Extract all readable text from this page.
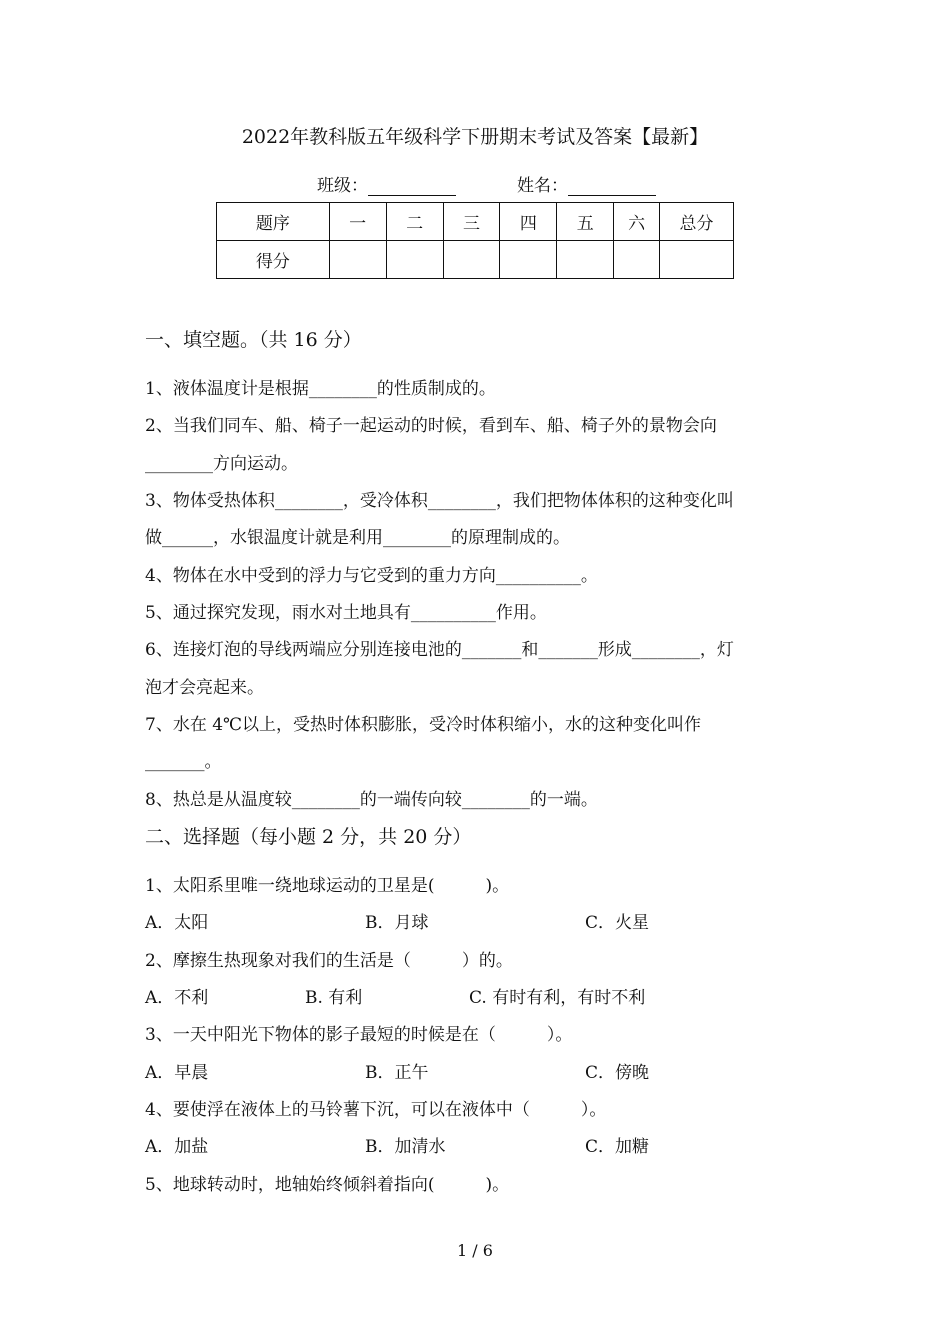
2022年教科版五年级科学下册期末考试及答案【最新】
班级：	姓名：
题序	一	二	三	四	五	六	总分
得分							
一、填空题。（共 16 分）
1、液体温度计是根据________的性质制成的。
2、当我们同车、船、椅子一起运动的时候，看到车、船、椅子外的景物会向
________方向运动。
3、物体受热体积________，受冷体积________，我们把物体体积的这种变化叫
做______，水银温度计就是利用________的原理制成的。
4、物体在水中受到的浮力与它受到的重力方向__________。
5、通过探究发现，雨水对土地具有__________作用。
6、连接灯泡的导线两端应分别连接电池的_______和_______形成________，灯
泡才会亮起来。
7、水在 4℃以上，受热时体积膨胀，受冷时体积缩小，水的这种变化叫作
_______。
8、热总是从温度较________的一端传向较________的一端。
二、选择题（每小题 2 分，共 20 分）
1、太阳系里唯一绕地球运动的卫星是(　　　)。
A．太阳	B．月球	C．火星
2、摩擦生热现象对我们的生活是（　　　）的。
A．不利	B. 有利	C. 有时有利，有时不利
3、一天中阳光下物体的影子最短的时候是在（　　　）。
A．早晨	B．正午	C．傍晚
4、要使浮在液体上的马铃薯下沉，可以在液体中（　　　）。
A．加盐	B．加清水	C．加糖
5、地球转动时，地轴始终倾斜着指向(　　　)。
1 / 6
